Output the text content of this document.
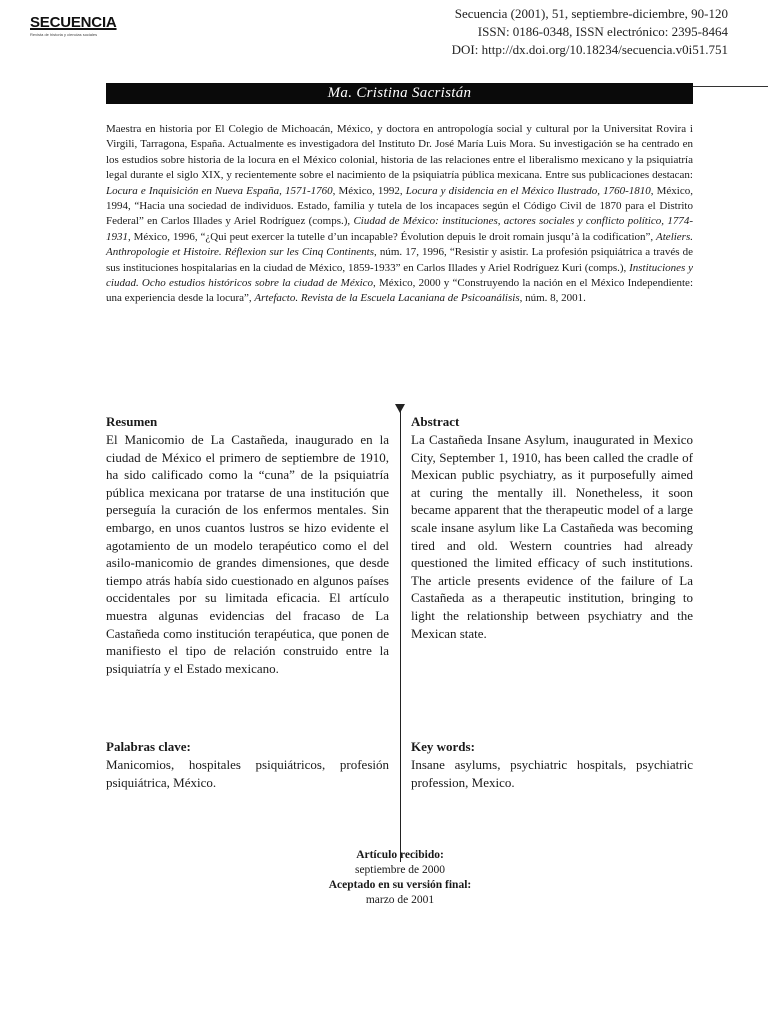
SECUENCIA
Revista de historia y ciencias sociales
Secuencia (2001), 51, septiembre-diciembre, 90-120
ISSN: 0186-0348, ISSN electrónico: 2395-8464
DOI: http://dx.doi.org/10.18234/secuencia.v0i51.751
Ma. Cristina Sacristán
Maestra en historia por El Colegio de Michoacán, México, y doctora en antropología social y cultural por la Universitat Rovira i Virgili, Tarragona, España. Actualmente es investigadora del Instituto Dr. José María Luis Mora. Su investigación se ha centrado en los estudios sobre historia de la locura en el México colonial, historia de las relaciones entre el liberalismo mexicano y la psiquiatría legal durante el siglo XIX, y recientemente sobre el nacimiento de la psiquiatría pública mexicana. Entre sus publicaciones destacan: Locura e Inquisición en Nueva España, 1571-1760, México, 1992, Locura y disidencia en el México Ilustrado, 1760-1810, México, 1994, “Hacia una sociedad de individuos. Estado, familia y tutela de los incapaces según el Código Civil de 1870 para el Distrito Federal” en Carlos Illades y Ariel Rodríguez (comps.), Ciudad de México: instituciones, actores sociales y conflicto político, 1774-1931, México, 1996, “¿Qui peut exercer la tutelle d’un incapable? Évolution depuis le droit romain jusqu’à la codification”, Ateliers. Anthropologie et Histoire. Réflexion sur les Cinq Continents, núm. 17, 1996, “Resistir y asistir. La profesión psiquiátrica a través de sus instituciones hospitalarias en la ciudad de México, 1859-1933” en Carlos Illades y Ariel Rodríguez Kuri (comps.), Instituciones y ciudad. Ocho estudios históricos sobre la ciudad de México, México, 2000 y “Construyendo la nación en el México Independiente: una experiencia desde la locura”, Artefacto. Revista de la Escuela Lacaniana de Psicoanálisis, núm. 8, 2001.
Resumen

El Manicomio de La Castañeda, inaugurado en la ciudad de México el primero de septiembre de 1910, ha sido calificado como la “cuna” de la psiquiatría pública mexicana por tratarse de una institución que perseguía la curación de los enfermos mentales. Sin embargo, en unos cuantos lustros se hizo evidente el agotamiento de un modelo terapéutico como el del asilo-manicomio de grandes dimensiones, que desde tiempo atrás había sido cuestionado en algunos países occidentales por su limitada eficacia. El artículo muestra algunas evidencias del fracaso de La Castañeda como institución terapéutica, que ponen de manifiesto el tipo de relación construido entre la psiquiatría y el Estado mexicano.

Abstract

La Castañeda Insane Asylum, inaugurated in Mexico City, September 1, 1910, has been called the cradle of Mexican public psychiatry, as it purposefully aimed at curing the mentally ill. Nonetheless, it soon became apparent that the therapeutic model of a large scale insane asylum like La Castañeda was becoming tired and old. Western countries had already questioned the limited efficacy of such institutions. The article presents evidence of the failure of La Castañeda as a therapeutic institution, bringing to light the relationship between psychiatry and the Mexican state.

Palabras clave:

Manicomios, hospitales psiquiátricos, profesión psiquiátrica, México.

Key words:

Insane asylums, psychiatric hospitals, psychiatric profession, Mexico.

Artículo recibido:
septiembre de 2000
Aceptado en su versión final:
marzo de 2001
